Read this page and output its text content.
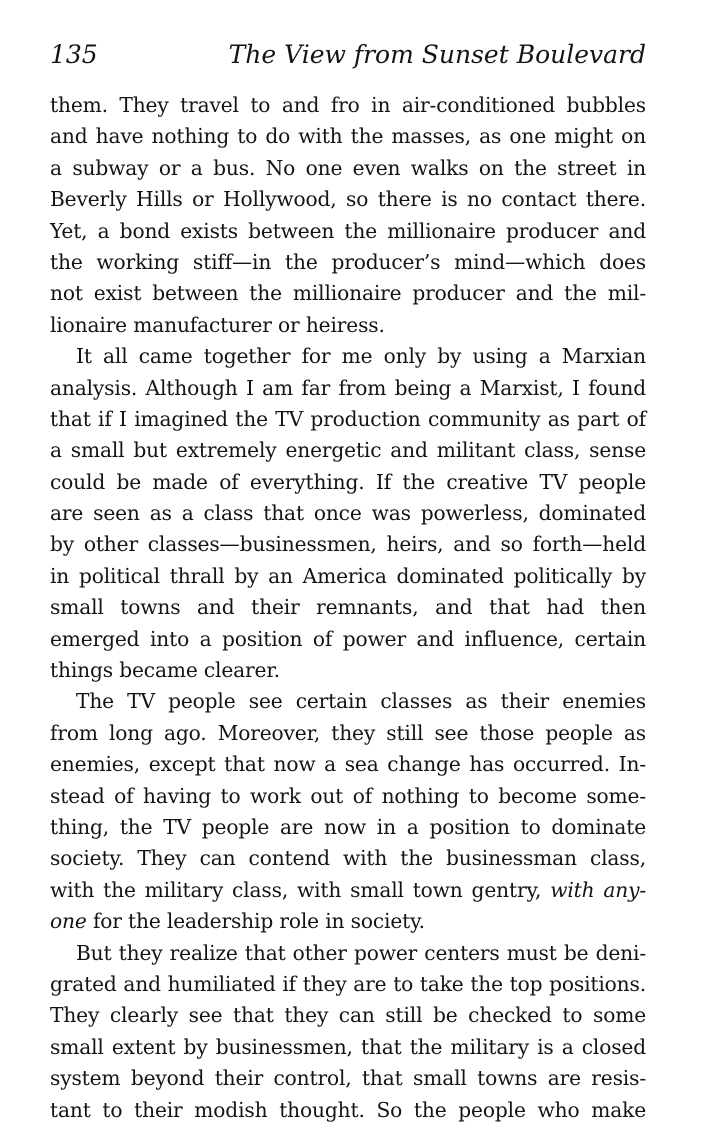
135	The View from Sunset Boulevard
them. They travel to and fro in air-conditioned bubbles
and have nothing to do with the masses, as one might on
a subway or a bus. No one even walks on the street in
Beverly Hills or Hollywood, so there is no contact there.
Yet, a bond exists between the millionaire producer and
the working stiff—in the producer’s mind—which does
not exist between the millionaire producer and the mil-
lionaire manufacturer or heiress.
It all came together for me only by using a Marxian
analysis. Although I am far from being a Marxist, I found
that if I imagined the TV production community as part of
a small but extremely energetic and militant class, sense
could be made of everything. If the creative TV people
are seen as a class that once was powerless, dominated
by other classes—businessmen, heirs, and so forth—held
in political thrall by an America dominated politically by
small towns and their remnants, and that had then
emerged into a position of power and influence, certain
things became clearer.
The TV people see certain classes as their enemies
from long ago. Moreover, they still see those people as
enemies, except that now a sea change has occurred. In-
stead of having to work out of nothing to become some-
thing, the TV people are now in a position to dominate
society. They can contend with the businessman class,
with the military class, with small town gentry, with any-
one for the leadership role in society.
But they realize that other power centers must be deni-
grated and humiliated if they are to take the top positions.
They clearly see that they can still be checked to some
small extent by businessmen, that the military is a closed
system beyond their control, that small towns are resis-
tant to their modish thought. So the people who make
